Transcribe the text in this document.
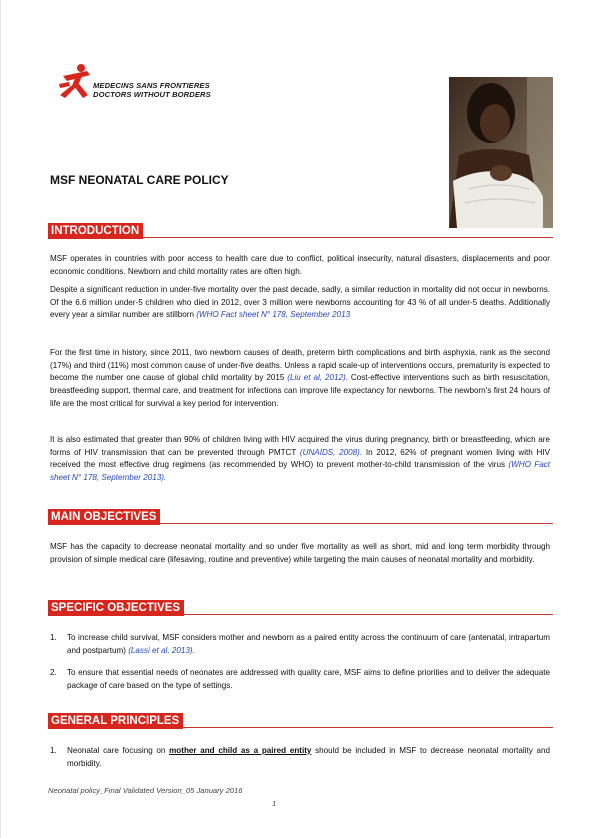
MEDECINS SANS FRONTIERES
DOCTORS WITHOUT BORDERS
MSF NEONATAL CARE POLICY
INTRODUCTION
MSF operates in countries with poor access to health care due to conflict, political insecurity, natural disasters, displacements and poor economic conditions. Newborn and child mortality rates are often high.
Despite a significant reduction in under-five mortality over the past decade, sadly, a similar reduction in mortality did not occur in newborns. Of the 6.6 million under-5 children who died in 2012, over 3 million were newborns accounting for 43 % of all under-5 deaths. Additionally every year a similar number are stillborn (WHO Fact sheet N° 178, September 2013
For the first time in history, since 2011, two newborn causes of death, preterm birth complications and birth asphyxia, rank as the second (17%) and third (11%) most common cause of under-five deaths. Unless a rapid scale-up of interventions occurs, prematurity is expected to become the number one cause of global child mortality by 2015 (Liu et al, 2012). Cost-effective interventions such as birth resuscitation, breastfeeding support, thermal care, and treatment for infections can improve life expectancy for newborns. The newborn's first 24 hours of life are the most critical for survival a key period for intervention.
It is also estimated that greater than 90% of children living with HIV acquired the virus during pregnancy, birth or breastfeeding, which are forms of HIV transmission that can be prevented through PMTCT (UNAIDS, 2008). In 2012, 62% of pregnant women living with HIV received the most effective drug regimens (as recommended by WHO) to prevent mother-to-child transmission of the virus (WHO Fact sheet N° 178, September 2013).
MAIN OBJECTIVES
MSF has the capacity to decrease neonatal mortality and so under five mortality as well as short, mid and long term morbidity through provision of simple medical care (lifesaving, routine and preventive) while targeting the main causes of neonatal mortality and morbidity.
SPECIFIC OBJECTIVES
1.	To increase child survival, MSF considers mother and newborn as a paired entity across the continuum of care (antenatal, intrapartum and postpartum) (Lassi et al, 2013).
2.	To ensure that essential needs of neonates are addressed with quality care, MSF aims to define priorities and to deliver the adequate package of care based on the type of settings.
GENERAL PRINCIPLES
1.	Neonatal care focusing on mother and child as a paired entity should be included in MSF to decrease neonatal mortality and morbidity.
Neonatal policy_Final Validated Version_05 January 2016
1
